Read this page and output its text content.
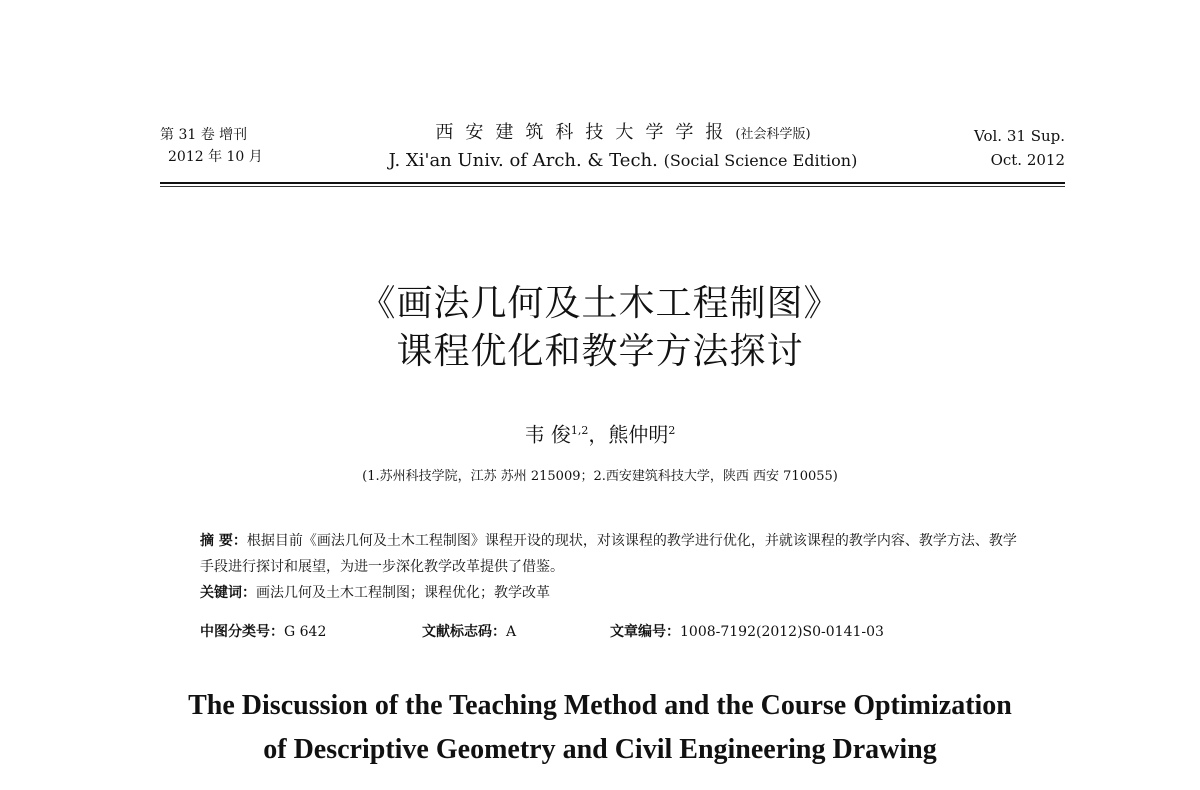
第 31 卷 增刊
2012 年 10 月
西安建筑科技大学学报(社会科学版)
J. Xi'an Univ. of Arch. & Tech. (Social Science Edition)
Vol. 31 Sup.
Oct. 2012
《画法几何及土木工程制图》
课程优化和教学方法探讨
韦 俊$^{1,2}$，熊仲明$^2$
(1.苏州科技学院，江苏 苏州 215009；2.西安建筑科技大学，陕西 西安 710055)

摘 要：根据目前《画法几何及土木工程制图》课程开设的现状，对该课程的教学进行优化，并就该课程的教学内容、教学方法、教学手段进行探讨和展望，为进一步深化教学改革提供了借鉴。

关键词：画法几何及土木工程制图；课程优化；教学改革

中图分类号：G 642	文献标志码：A	文章编号：1008-7192(2012)S0-0141-03
The Discussion of the Teaching Method and the Course Optimization
of Descriptive Geometry and Civil Engineering Drawing
